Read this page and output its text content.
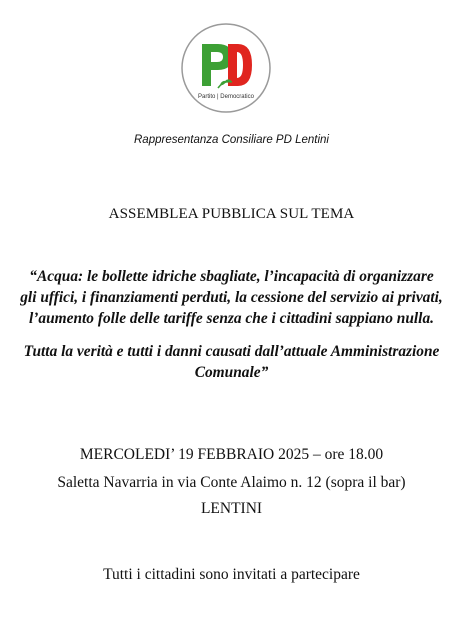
Partito | Democratico
Rappresentanza Consiliare PD Lentini
ASSEMBLEA PUBBLICA SUL TEMA

“Acqua: le bollette idriche sbagliate, l’incapacità di organizzare gli uffici, i finanziamenti perduti, la cessione del servizio ai privati, l’aumento folle delle tariffe senza che i cittadini sappiano nulla.

Tutta la verità e tutti i danni causati dall’attuale Amministrazione Comunale”

MERCOLEDI’ 19 FEBBRAIO 2025 – ore 18.00
Saletta Navarria in via Conte Alaimo n. 12 (sopra il bar)
LENTINI
Tutti i cittadini sono invitati a partecipare
